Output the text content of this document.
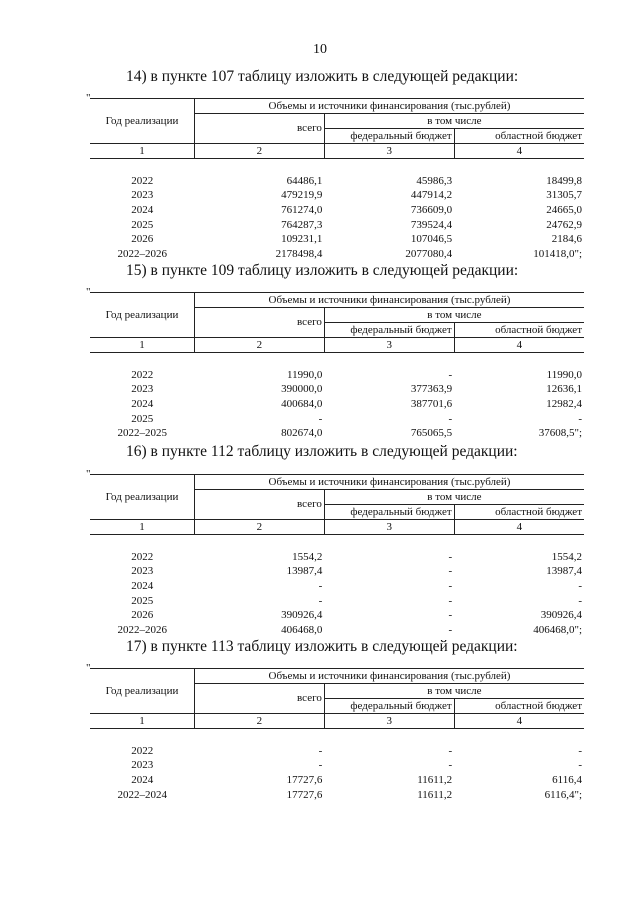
10
14) в пункте 107 таблицу изложить в следующей редакции:
"
Год реализации	Объемы и источники финансирования (тыс.рублей)		
	всего	в том числе	
		федеральный бюджет	областной бюджет
1	2	3	4

2022	64486,1	45986,3	18499,8
2023	479219,9	447914,2	31305,7
2024	761274,0	736609,0	24665,0
2025	764287,3	739524,4	24762,9
2026	109231,1	107046,5	2184,6
2022–2026	2178498,4	2077080,4	101418,0";
15) в пункте 109 таблицу изложить в следующей редакции:
"
Год реализации	Объемы и источники финансирования (тыс.рублей)		
	всего	в том числе	
		федеральный бюджет	областной бюджет
1	2	3	4

2022	11990,0	-	11990,0
2023	390000,0	377363,9	12636,1
2024	400684,0	387701,6	12982,4
2025	-	-	-
2022–2025	802674,0	765065,5	37608,5";
16) в пункте 112 таблицу изложить в следующей редакции:
"
Год реализации	Объемы и источники финансирования (тыс.рублей)		
	всего	в том числе	
		федеральный бюджет	областной бюджет
1	2	3	4

2022	1554,2	-	1554,2
2023	13987,4	-	13987,4
2024	-	-	-
2025	-	-	-
2026	390926,4	-	390926,4
2022–2026	406468,0	-	406468,0";
17) в пункте 113 таблицу изложить в следующей редакции:
"
Год реализации	Объемы и источники финансирования (тыс.рублей)		
	всего	в том числе	
		федеральный бюджет	областной бюджет
1	2	3	4

2022	-	-	-
2023	-	-	-
2024	17727,6	11611,2	6116,4
2022–2024	17727,6	11611,2	6116,4";
